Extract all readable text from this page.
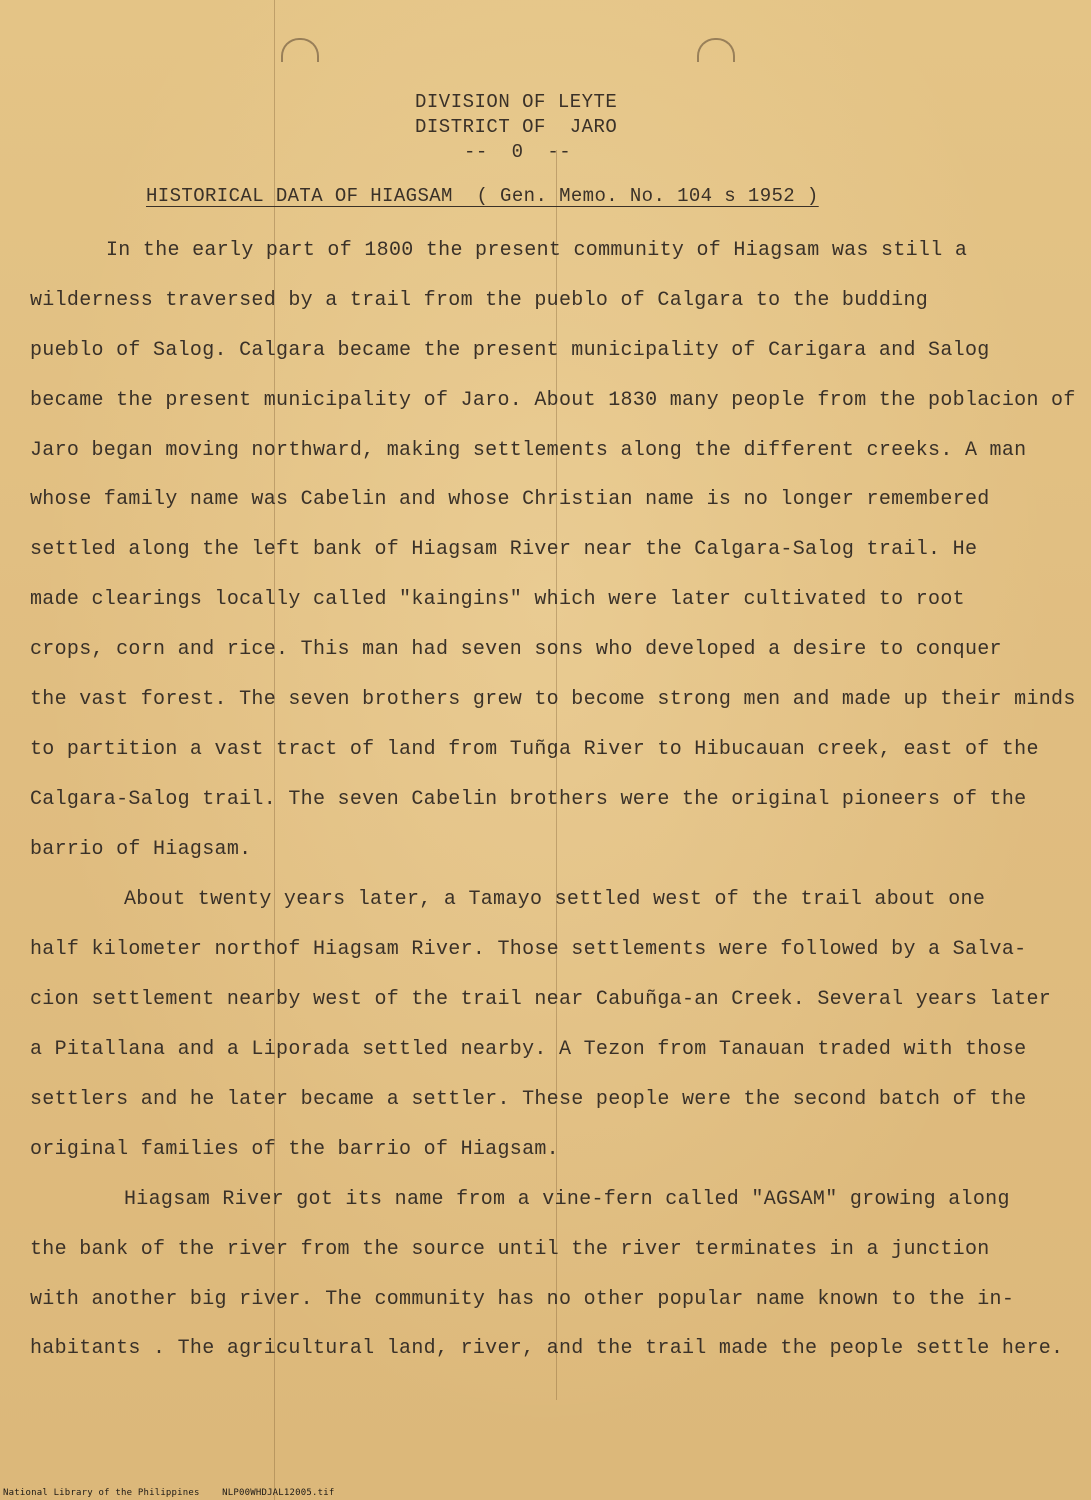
DIVISION OF LEYTE
DISTRICT OF  JARO
--  0  --
HISTORICAL DATA OF HIAGSAM  ( Gen. Memo. No. 104 s 1952 )
In the early part of 1800 the present community of Hiagsam was still a
wilderness traversed by a trail from the pueblo of Calgara to the budding
pueblo of Salog. Calgara became the present municipality of Carigara and Salog
became the present municipality of Jaro. About 1830 many people from the poblacion of
Jaro began moving northward, making settlements along the different creeks. A man
whose family name was Cabelin and whose Christian name is no longer remembered
settled along the left bank of Hiagsam River near the Calgara-Salog trail. He
made clearings locally called "kaingins" which were later cultivated to root
crops, corn and rice. This man had seven sons who developed a desire to conquer
the vast forest. The seven brothers grew to become strong men and made up their minds
to partition a vast tract of land from Tuñga River to Hibucauan creek, east of the
Calgara-Salog trail. The seven Cabelin brothers were the original pioneers of the
barrio of Hiagsam.
About twenty years later, a Tamayo settled west of the trail about one
half kilometer northof Hiagsam River. Those settlements were followed by a Salva-
cion settlement nearby west of the trail near Cabuñga-an Creek. Several years later
a Pitallana and a Liporada settled nearby. A Tezon from Tanauan traded with those
settlers and he later became a settler. These people were the second batch of the
original families of the barrio of Hiagsam.
Hiagsam River got its name from a vine-fern called "AGSAM" growing along
the bank of the river from the source until the river terminates in a junction
with another big river. The community has no other popular name known to the in-
habitants . The agricultural land, river, and the trail made the people settle here.
National Library of the Philippines    NLP00WHDJAL12005.tif
